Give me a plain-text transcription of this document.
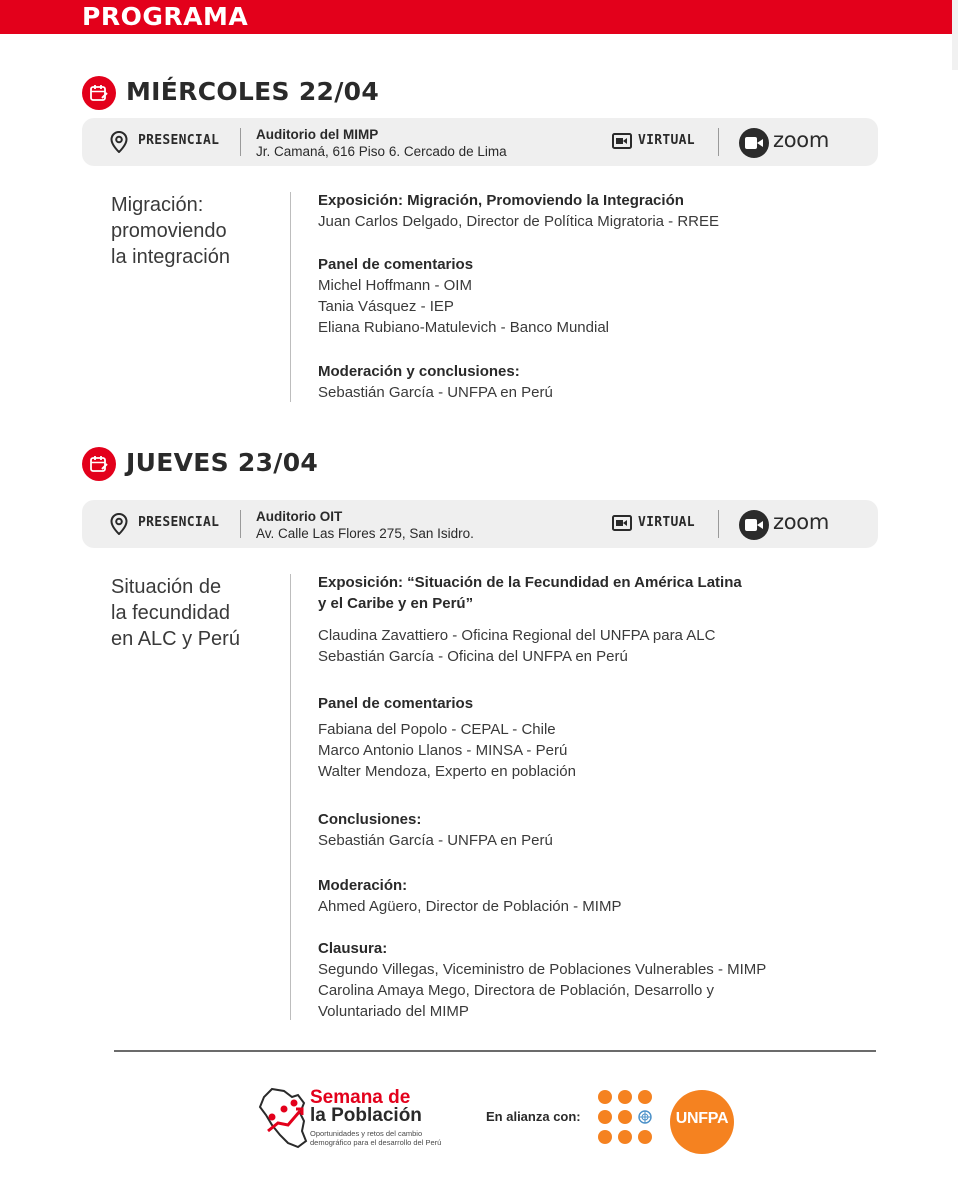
PROGRAMA
MIÉRCOLES 22/04
PRESENCIAL	Auditorio del MIMP
Jr. Camaná, 616 Piso 6. Cercado de Lima
VIRTUAL	zoom
Migración:
promoviendo
la integración
Exposición: Migración, Promoviendo la Integración
Juan Carlos Delgado, Director de Política Migratoria - RREE
Panel de comentarios
Michel Hoffmann - OIM
Tania Vásquez - IEP
Eliana Rubiano-Matulevich - Banco Mundial
Moderación y conclusiones:
Sebastián García - UNFPA en Perú
JUEVES 23/04
PRESENCIAL	Auditorio OIT
Av. Calle Las Flores 275, San Isidro.
VIRTUAL	zoom
Situación de
la fecundidad
en ALC y Perú
Exposición: “Situación de la Fecundidad en América Latina
y el Caribe y en Perú”
Claudina Zavattiero - Oficina Regional del UNFPA para ALC
Sebastián García - Oficina del UNFPA en Perú
Panel de comentarios
Fabiana del Popolo - CEPAL - Chile
Marco Antonio Llanos - MINSA - Perú
Walter Mendoza, Experto en población
Conclusiones:
Sebastián García - UNFPA en Perú
Moderación:
Ahmed Agüero, Director de Población - MIMP
Clausura:
Segundo Villegas, Viceministro de Poblaciones Vulnerables - MIMP
Carolina Amaya Mego, Directora de Población, Desarrollo y
Voluntariado del MIMP
Semana de
la Población
Oportunidades y retos del cambio
demográfico para el desarrollo del Perú
En alianza con:	UNFPA
